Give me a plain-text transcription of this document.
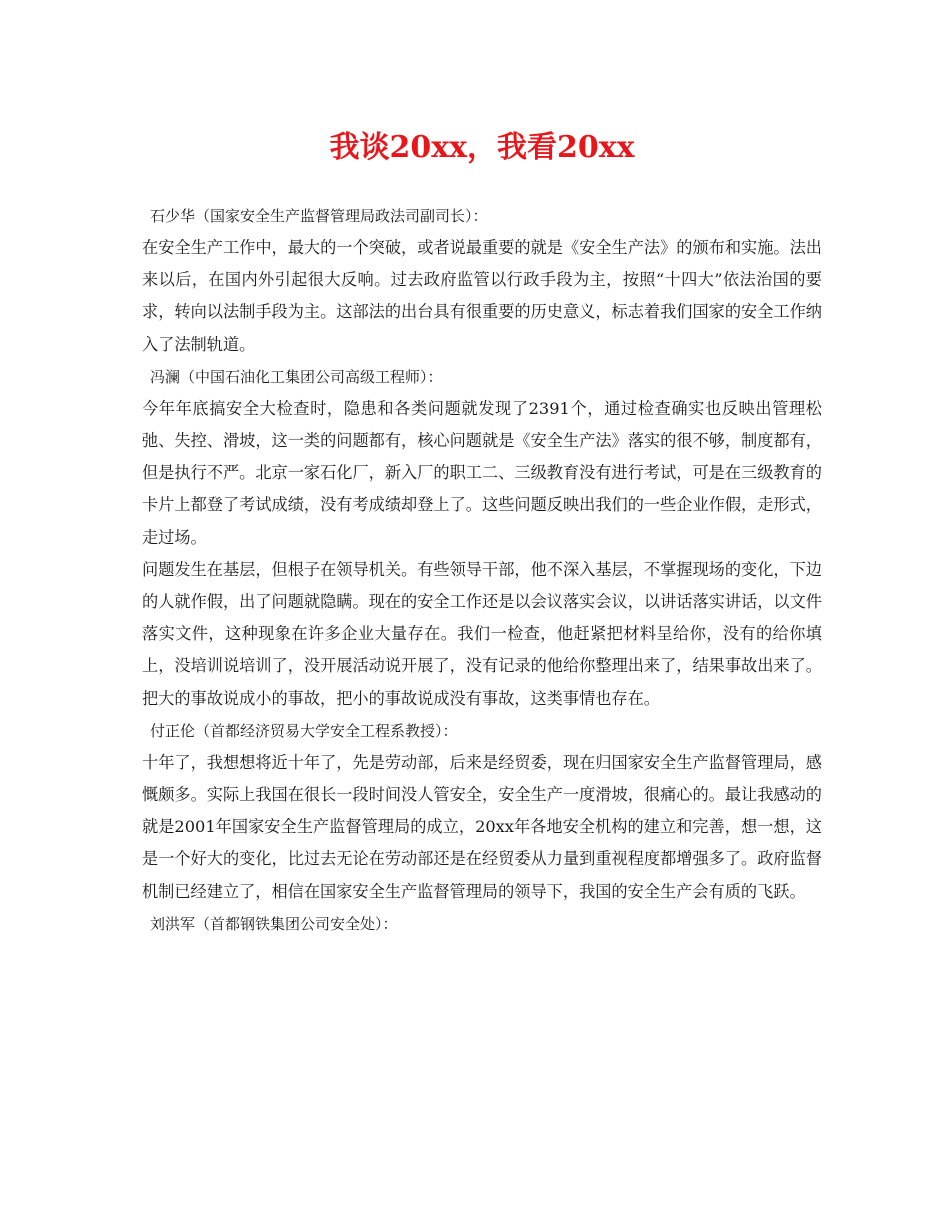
我谈20xx，我看20xx

石少华（国家安全生产监督管理局政法司副司长）：

在安全生产工作中，最大的一个突破，或者说最重要的就是《安全生产法》的颁布和实施。法出来以后，在国内外引起很大反响。过去政府监管以行政手段为主，按照“十四大”依法治国的要求，转向以法制手段为主。这部法的出台具有很重要的历史意义，标志着我们国家的安全工作纳入了法制轨道。

冯澜（中国石油化工集团公司高级工程师）：

今年年底搞安全大检查时，隐患和各类问题就发现了2391个，通过检查确实也反映出管理松弛、失控、滑坡，这一类的问题都有，核心问题就是《安全生产法》落实的很不够，制度都有，但是执行不严。北京一家石化厂，新入厂的职工二、三级教育没有进行考试，可是在三级教育的卡片上都登了考试成绩，没有考成绩却登上了。这些问题反映出我们的一些企业作假，走形式，走过场。

问题发生在基层，但根子在领导机关。有些领导干部，他不深入基层，不掌握现场的变化，下边的人就作假，出了问题就隐瞒。现在的安全工作还是以会议落实会议，以讲话落实讲话，以文件落实文件，这种现象在许多企业大量存在。我们一检查，他赶紧把材料呈给你，没有的给你填上，没培训说培训了，没开展活动说开展了，没有记录的他给你整理出来了，结果事故出来了。把大的事故说成小的事故，把小的事故说成没有事故，这类事情也存在。

付正伦（首都经济贸易大学安全工程系教授）：

十年了，我想想将近十年了，先是劳动部，后来是经贸委，现在归国家安全生产监督管理局，感慨颇多。实际上我国在很长一段时间没人管安全，安全生产一度滑坡，很痛心的。最让我感动的就是2001年国家安全生产监督管理局的成立，20xx年各地安全机构的建立和完善，想一想，这是一个好大的变化，比过去无论在劳动部还是在经贸委从力量到重视程度都增强多了。政府监督机制已经建立了，相信在国家安全生产监督管理局的领导下，我国的安全生产会有质的飞跃。

刘洪军（首都钢铁集团公司安全处）：
